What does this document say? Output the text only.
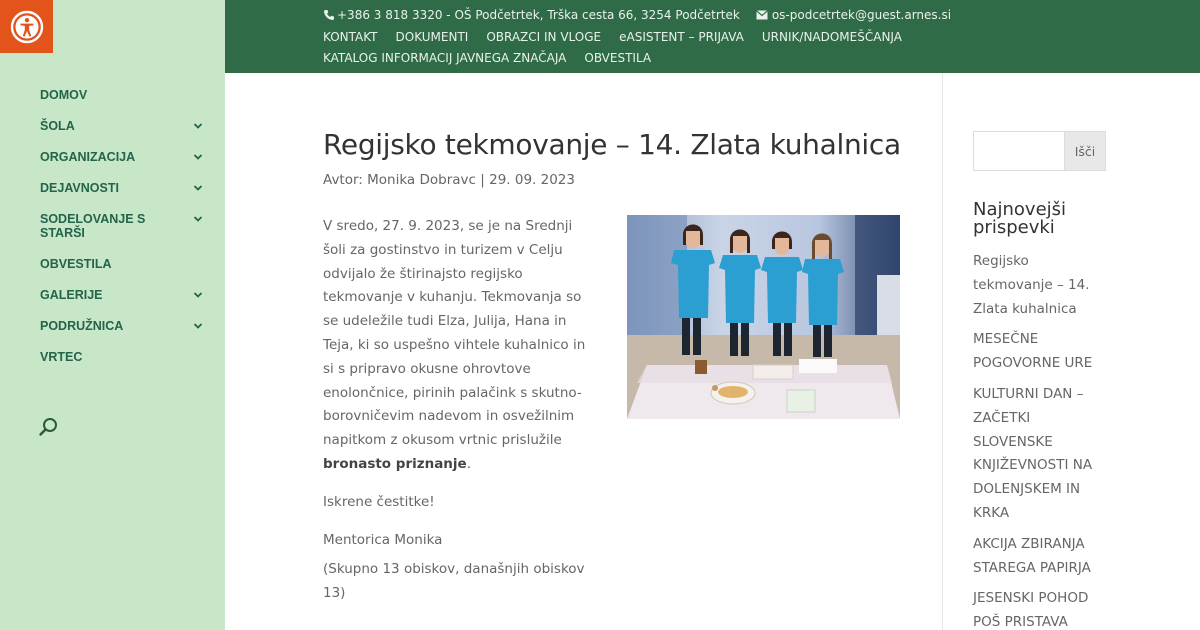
DOMOV
ŠOLA
ORGANIZACIJA
DEJAVNOSTI
SODELOVANJE S STARŠI
OBVESTILA
GALERIJE
PODRUŽNICA
VRTEC
+386 3 818 3320 - OŠ Podčetrtek, Trška cesta 66, 3254 Podčetrtek	os-podcetrtek@guest.arnes.si
KONTAKT DOKUMENTI OBRAZCI IN VLOGE eASISTENT – PRIJAVA URNIK/NADOMEŠČANJA
KATALOG INFORMACIJ JAVNEGA ZNAČAJA OBVESTILA
Regijsko tekmovanje – 14. Zlata kuhalnica
Avtor: Monika Dobravc | 29. 09. 2023

V sredo, 27. 9. 2023, se je na Srednji šoli za gostinstvo in turizem v Celju odvijalo že štirinajsto regijsko tekmovanje v kuhanju. Tekmovanja so se udeležile tudi Elza, Julija, Hana in Teja, ki so uspešno vihtele kuhalnico in si s pripravo okusne ohrovtove enolončnice, pirinih palačink s skutno-borovničevim nadevom in osvežilnim napitkom z okusom vrtnic prislužile bronasto priznanje.

Iskrene čestitke!

Mentorica Monika

(Skupno 13 obiskov, današnjih obiskov 13)

Išči
Najnovejši prispevki
Regijsko tekmovanje – 14. Zlata kuhalnica
MESEČNE POGOVORNE URE
KULTURNI DAN – ZAČETKI SLOVENSKE KNJIŽEVNOSTI NA DOLENJSKEM IN KRKA
AKCIJA ZBIRANJA STAREGA PAPIRJA
JESENSKI POHOD POŠ PRISTAVA
